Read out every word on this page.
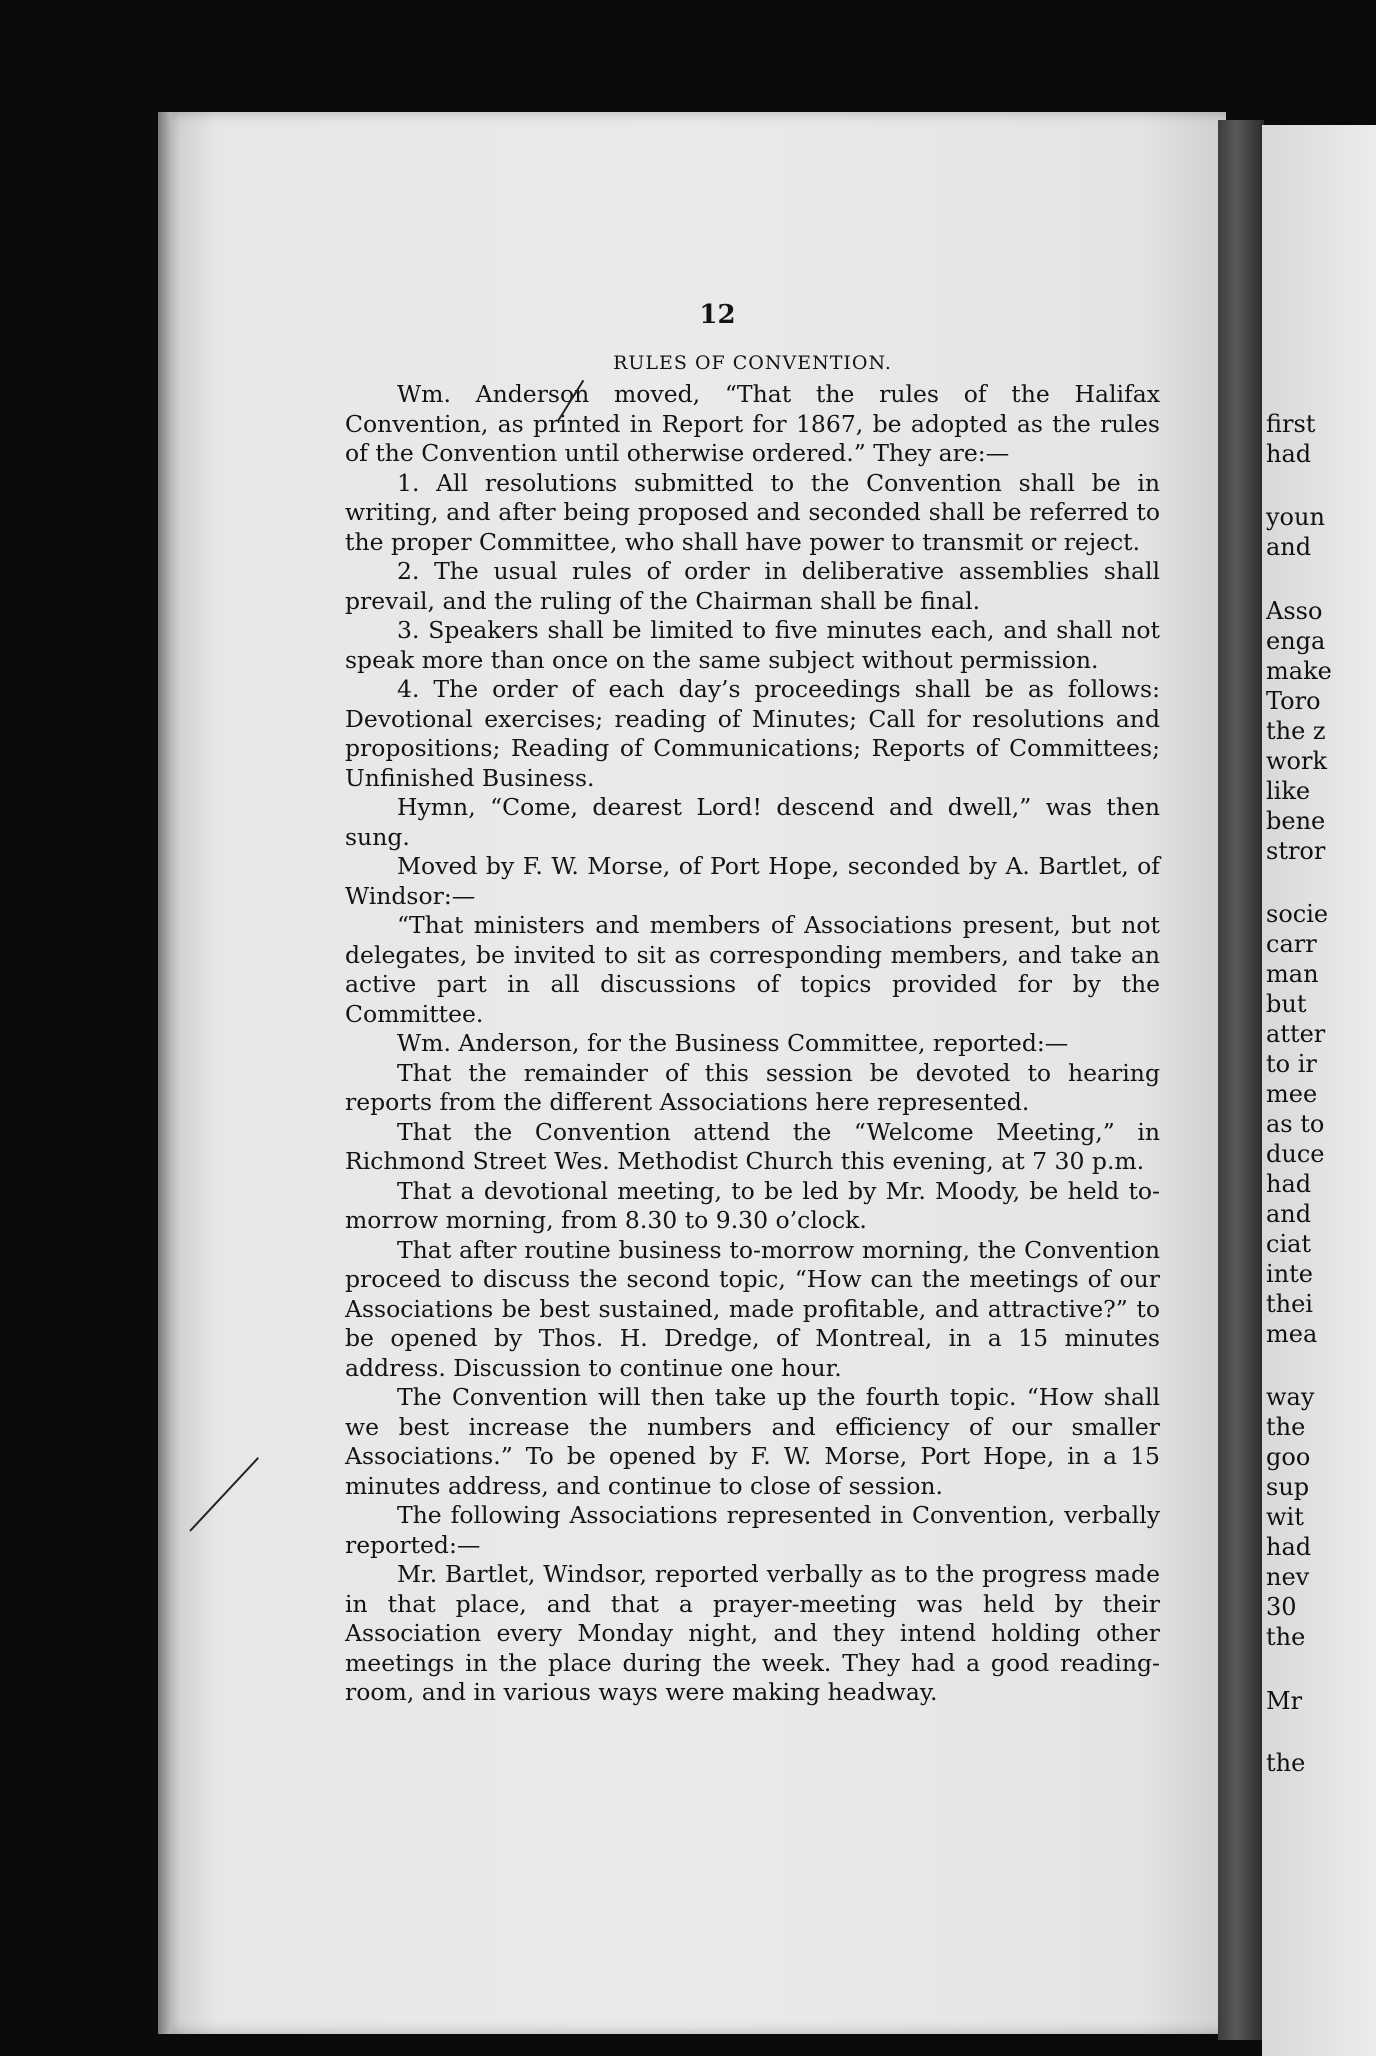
first
had
youn
and
Asso
enga
make
Toro
the z
work
like
bene
stror
socie
carr
man
but
atter
to ir
mee
as to
duce
had
and
ciat
inte
thei
mea
way
the
goo
sup
wit
had
nev
30
the
Mr
the
12
RULES OF CONVENTION.

Wm. Anderson moved, “That the rules of the Halifax Convention, as printed in Report for 1867, be adopted as the rules of the Convention until otherwise ordered.” They are:—

1. All resolutions submitted to the Convention shall be in writing, and after being proposed and seconded shall be referred to the proper Committee, who shall have power to transmit or reject.

2. The usual rules of order in deliberative assemblies shall prevail, and the ruling of the Chairman shall be final.

3. Speakers shall be limited to five minutes each, and shall not speak more than once on the same subject without permission.

4. The order of each day’s proceedings shall be as follows: Devotional exercises; reading of Minutes; Call for resolutions and propositions; Reading of Communications; Reports of Committees; Unfinished Business.

Hymn, “Come, dearest Lord! descend and dwell,” was then sung.

Moved by F. W. Morse, of Port Hope, seconded by A. Bartlet, of Windsor:—

“That ministers and members of Associations present, but not delegates, be invited to sit as corresponding members, and take an active part in all discussions of topics provided for by the Committee.

Wm. Anderson, for the Business Committee, reported:—

That the remainder of this session be devoted to hearing reports from the different Associations here represented.

That the Convention attend the “Welcome Meeting,” in Richmond Street Wes. Methodist Church this evening, at 7 30 p.m.

That a devotional meeting, to be led by Mr. Moody, be held to-morrow morning, from 8.30 to 9.30 o’clock.

That after routine business to-morrow morning, the Convention proceed to discuss the second topic, “How can the meetings of our Associations be best sustained, made profitable, and attractive?” to be opened by Thos. H. Dredge, of Montreal, in a 15 minutes address. Discussion to continue one hour.

The Convention will then take up the fourth topic. “How shall we best increase the numbers and efficiency of our smaller Associations.” To be opened by F. W. Morse, Port Hope, in a 15 minutes address, and continue to close of session.

The following Associations represented in Convention, verbally reported:—

Mr. Bartlet, Windsor, reported verbally as to the progress made in that place, and that a prayer-meeting was held by their Association every Monday night, and they intend holding other meetings in the place during the week. They had a good reading-room, and in various ways were making headway.
